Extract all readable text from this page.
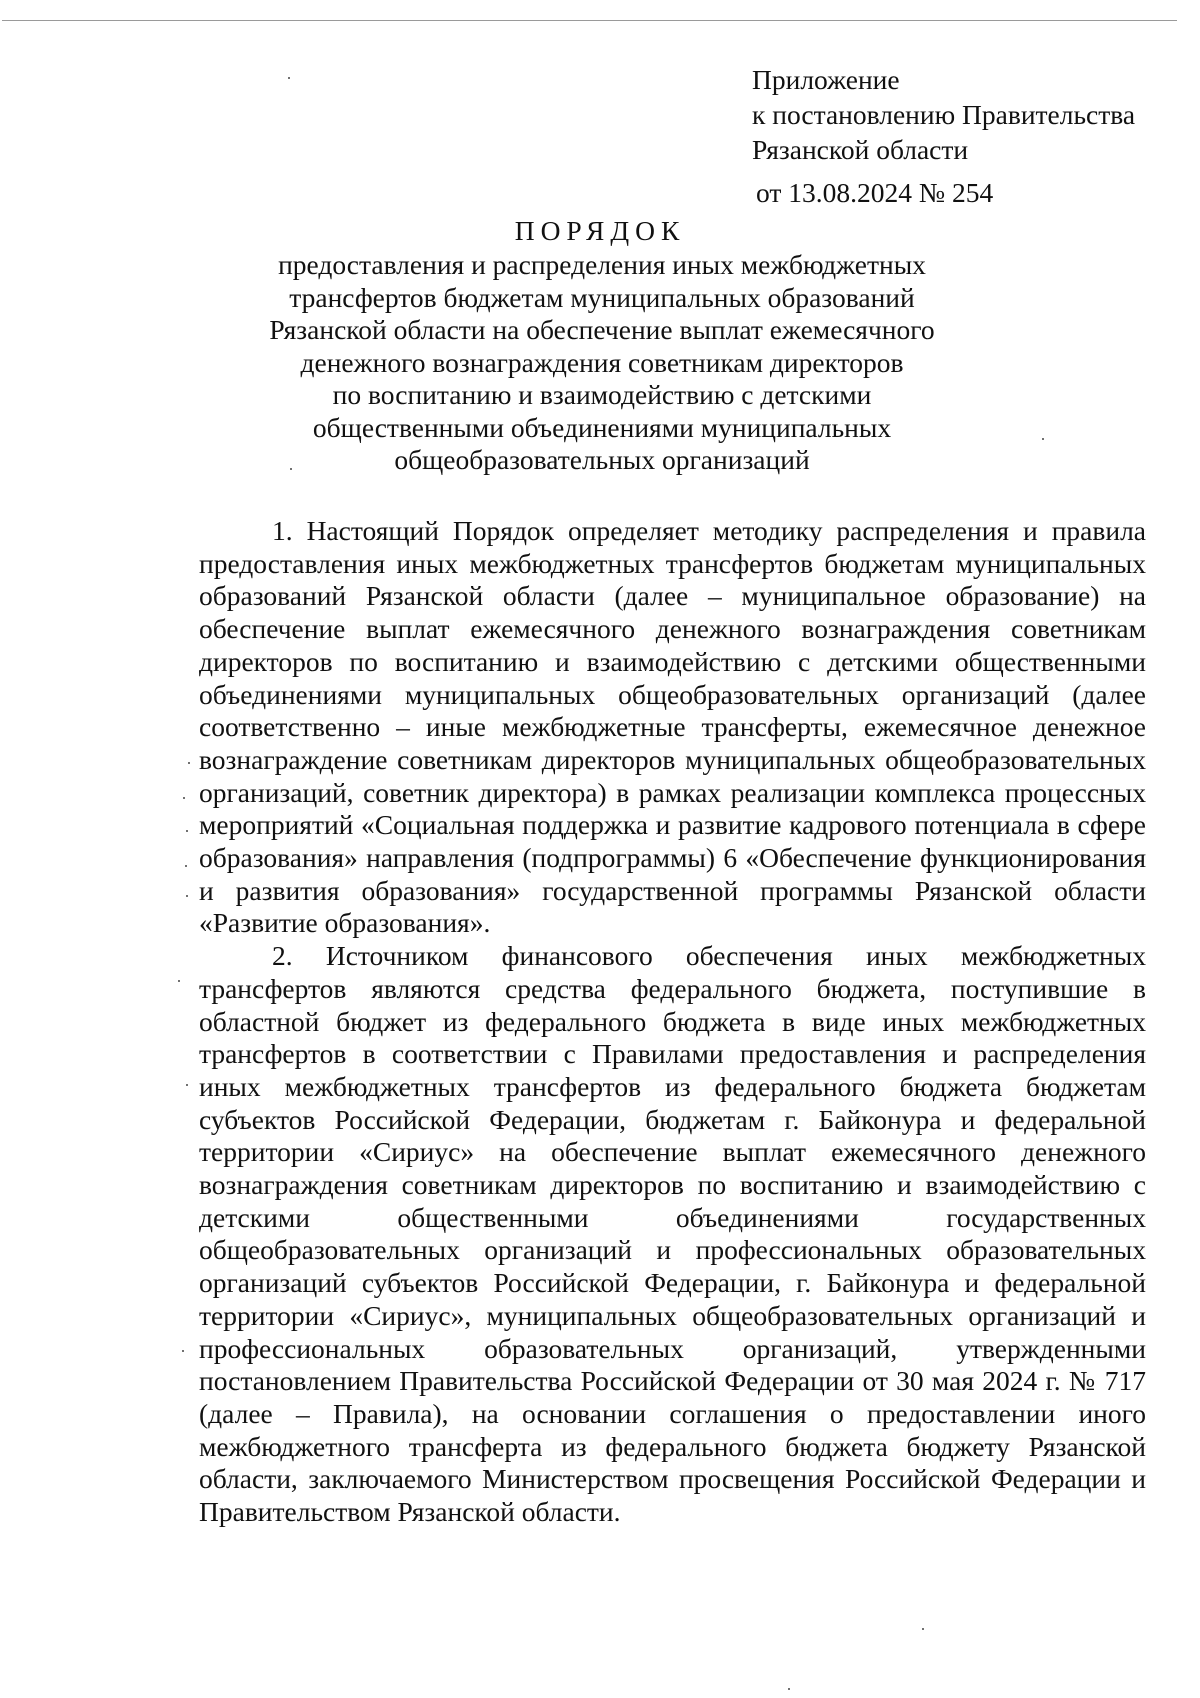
Приложение
к постановлению Правительства
Рязанской области
от 13.08.2024 № 254
ПОРЯДОК
предоставления и распределения иных межбюджетных
трансфертов бюджетам муниципальных образований
Рязанской области на обеспечение выплат ежемесячного
денежного вознаграждения советникам директоров
по воспитанию и взаимодействию с детскими
общественными объединениями муниципальных
общеобразовательных организаций

1. Настоящий Порядок определяет методику распределения и правила предоставления иных межбюджетных трансфертов бюджетам муниципальных образований Рязанской области (далее – муниципальное образование) на обеспечение выплат ежемесячного денежного вознаграждения советникам директоров по воспитанию и взаимодействию с детскими общественными объединениями муниципальных общеобразовательных организаций (далее соответственно – иные межбюджетные трансферты, ежемесячное денежное вознаграждение советникам директоров муниципальных общеобразовательных организаций, советник директора) в рамках реализации комплекса процессных мероприятий «Социальная поддержка и развитие кадрового потенциала в сфере образования» направления (подпрограммы) 6 «Обеспечение функционирования и развития образования» государственной программы Рязанской области «Развитие образования».

2. Источником финансового обеспечения иных межбюджетных трансфертов являются средства федерального бюджета, поступившие в областной бюджет из федерального бюджета в виде иных межбюджетных трансфертов в соответствии с Правилами предоставления и распределения иных межбюджетных трансфертов из федерального бюджета бюджетам субъектов Российской Федерации, бюджетам г. Байконура и федеральной территории «Сириус» на обеспечение выплат ежемесячного денежного вознаграждения советникам директоров по воспитанию и взаимодействию с детскими общественными объединениями государственных общеобразовательных организаций и профессиональных образовательных организаций субъектов Российской Федерации, г. Байконура и федеральной территории «Сириус», муниципальных общеобразовательных организаций и профессиональных образовательных организаций, утвержденными постановлением Правительства Российской Федерации от 30 мая 2024 г. № 717 (далее – Правила), на основании соглашения о предоставлении иного межбюджетного трансферта из федерального бюджета бюджету Рязанской области, заключаемого Министерством просвещения Российской Федерации и Правительством Рязанской области.
